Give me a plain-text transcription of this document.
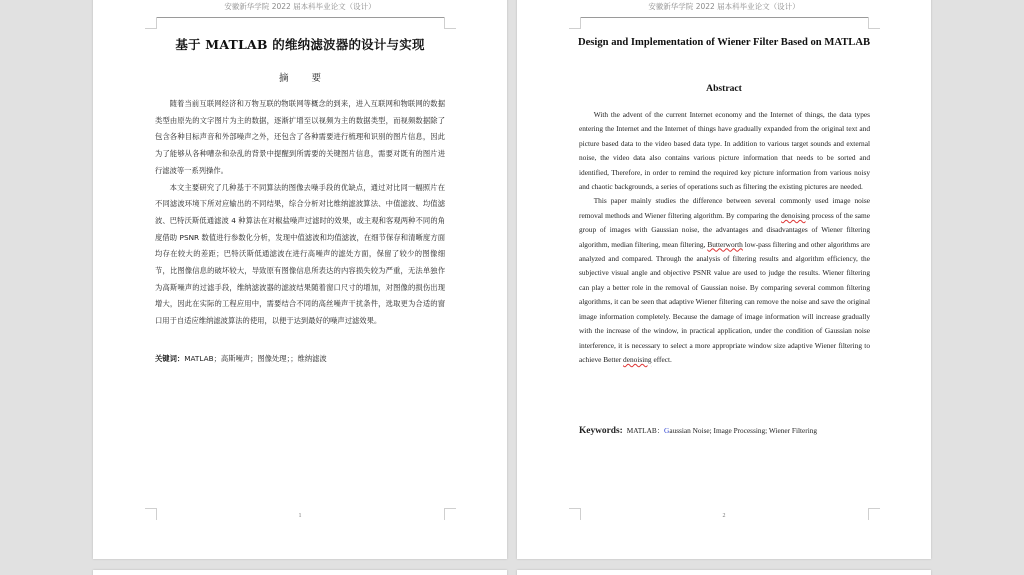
安徽新华学院 2022 届本科毕业论文（设计）
基于 MATLAB 的维纳滤波器的设计与实现
摘 要

随着当前互联网经济和万物互联的物联网等概念的到来，进入互联网和物联网的数据类型由原先的文字图片为主的数据，逐渐扩增至以视频为主的数据类型，而视频数据除了包含各种目标声音和外部噪声之外，还包含了各种需要进行梳理和识别的图片信息，因此为了能够从各种嘈杂和杂乱的背景中提醒到所需要的关键图片信息，需要对既有的图片进行滤波等一系列操作。

本文主要研究了几种基于不同算法的图像去噪手段的优缺点，通过对比同一幅照片在不同滤波环境下所对应输出的不同结果，综合分析对比维纳滤波算法、中值滤波、均值滤波、巴特沃斯低通滤波 4 种算法在对椒盐噪声过滤时的效果，或主观和客观两种不同的角度借助 PSNR 数值进行参数化分析，发现中值滤波和均值滤波，在细节保存和清晰度方面均存在较大的差距；巴特沃斯低通滤波在进行高噪声的滤处方面，保留了较少的图像细节，比图像信息的破坏较大，导致原有图像信息所表达的内容损失较为严重，无法单独作为高斯噪声的过滤手段，维纳滤波器的滤波结果随着窗口尺寸的增加，对图像的损伤出现增大，因此在实际的工程应用中，需要结合不同的高丝噪声干扰条件，选取更为合适的窗口用于自适应维纳滤波算法的使用，以便于达到最好的噪声过滤效果。

关键词：MATLAB；高斯噪声；图像处理；；维纳滤波
1
安徽新华学院 2022 届本科毕业论文（设计）
Design and Implementation of Wiener Filter Based on MATLAB
Abstract

With the advent of the current Internet economy and the Internet of things, the data types entering the Internet and the Internet of things have gradually expanded from the original text and picture based data to the video based data type. In addition to various target sounds and external noise, the video data also contains various picture information that needs to be sorted and identified, Therefore, in order to remind the required key picture information from various noisy and chaotic backgrounds, a series of operations such as filtering the existing pictures are needed.

This paper mainly studies the difference between several commonly used image noise removal methods and Wiener filtering algorithm. By comparing the denoising process of the same group of images with Gaussian noise, the advantages and disadvantages of Wiener filtering algorithm, median filtering, mean filtering, Butterworth low-pass filtering and other algorithms are analyzed and compared. Through the analysis of filtering results and algorithm efficiency, the subjective visual angle and objective PSNR value are used to judge the results. Wiener filtering can play a better role in the removal of Gaussian noise. By comparing several common filtering algorithms, it can be seen that adaptive Wiener filtering can remove the noise and save the original image information completely. Because the damage of image information will increase gradually with the increase of the window, in practical application, under the condition of Gaussian noise interference, it is necessary to select a more appropriate window size adaptive Wiener filtering to achieve Better denoising effect.

Keywords: MATLAB：Gaussian Noise; Image Processing; Wiener Filtering
2
